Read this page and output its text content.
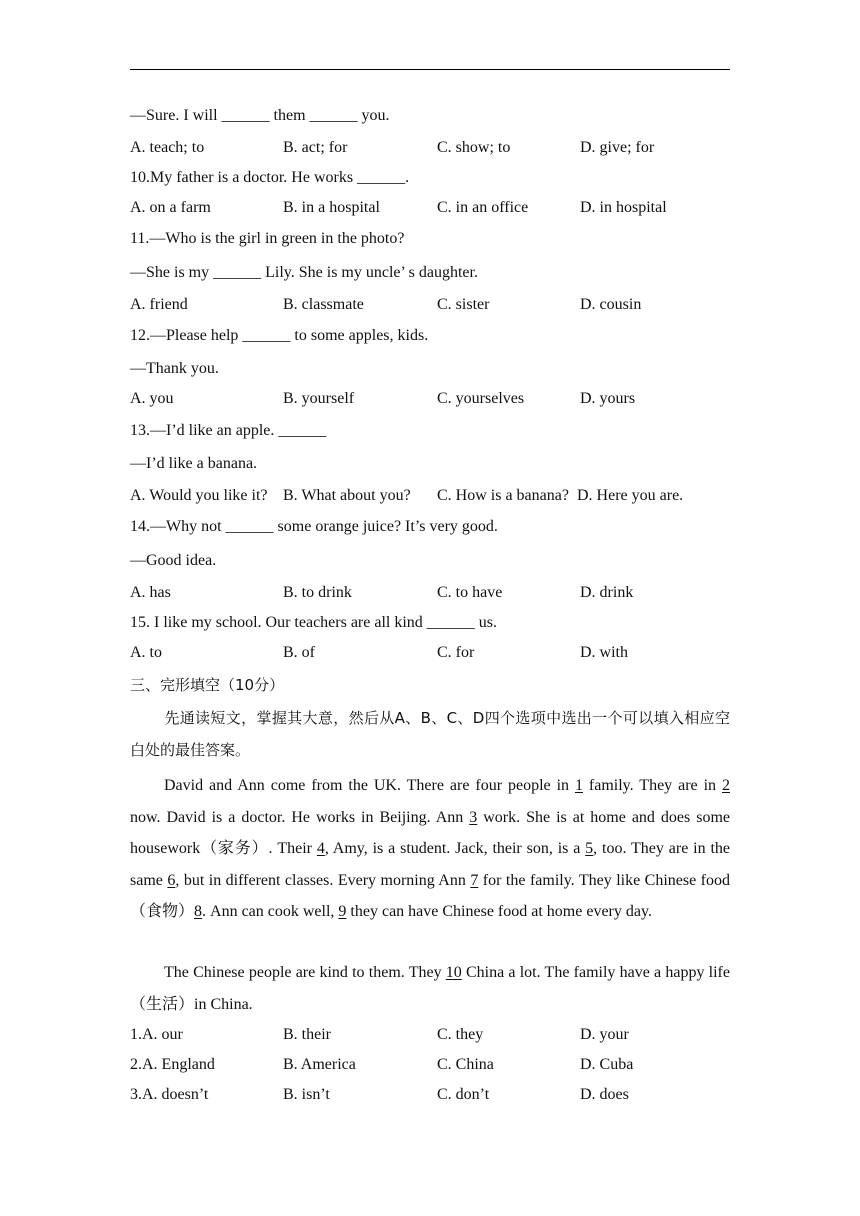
—Sure. I will ______ them ______ you.
A. teach; to	B. act; for	C. show; to	D. give; for
10.My father is a doctor. He works ______.
A. on a farm	B. in a hospital	C. in an office	D. in hospital
11.—Who is the girl in green in the photo?
—She is my ______ Lily. She is my uncle’ s daughter.
A. friend	B. classmate	C. sister	D. cousin
12.—Please help ______ to some apples, kids.
—Thank you.
A. you	B. yourself	C. yourselves	D. yours
13.—I’d like an apple. ______
—I’d like a banana.
A. Would you like it? B. What about you? C. How is a banana? D. Here you are.
14.—Why not ______ some orange juice? It’s very good.
—Good idea.
A. has	B. to drink	C. to have	D. drink
15. I like my school. Our teachers are all kind ______ us.
A. to	B. of	C. for	D. with
三、完形填空（10分）
先通读短文，掌握其大意，然后从A、B、C、D四个选项中选出一个可以填入相应空白处的最佳答案。
David and Ann come from the UK. There are four people in 1 family. They are in 2 now. David is a doctor. He works in Beijing. Ann 3 work. She is at home and does some housework（家务）. Their 4, Amy, is a student. Jack, their son, is a 5, too. They are in the same 6, but in different classes. Every morning Ann 7 for the family. They like Chinese food（食物）8. Ann can cook well, 9 they can have Chinese food at home every day.
The Chinese people are kind to them. They 10 China a lot. The family have a happy life（生活）in China.
1.A. our	B. their	C. they	D. your
2.A. England	B. America	C. China	D. Cuba
3.A. doesn’t	B. isn’t	C. don’t	D. does
